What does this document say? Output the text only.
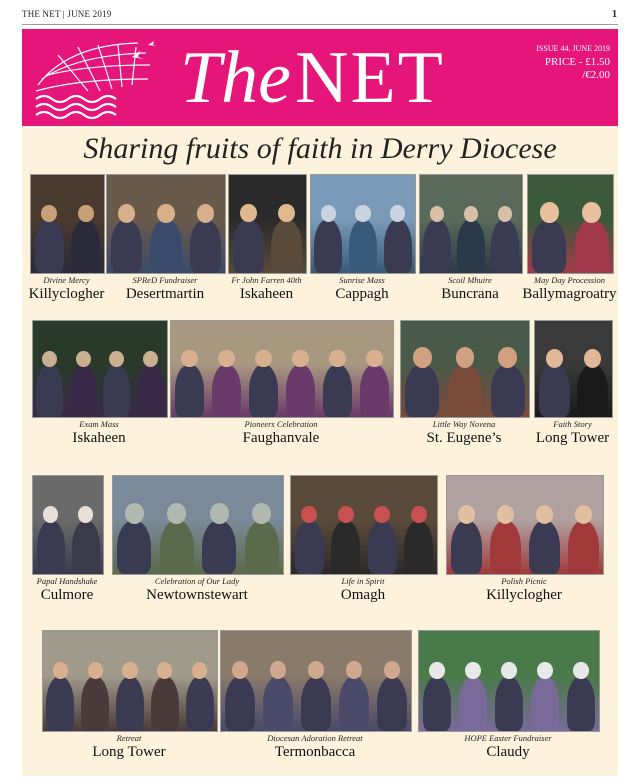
THE NET | JUNE 2019	1
The NET	ISSUE 44. JUNE 2019
PRICE - £1.50
/€2.00
Sharing fruits of faith in Derry Diocese
Divine Mercy
Killyclogher
SPReD Fundraiser
Desertmartin
Fr John Farren 40th
Iskaheen
Sunrise Mass
Cappagh
Scoil Mhuire
Buncrana
May Day Procession
Ballymagroatry
Exam Mass
Iskaheen
Pioneers Celebration
Faughanvale
Little Way Novena
St. Eugene’s
Faith Story
Long Tower
Papal Handshake
Culmore
Celebration of Our Lady
Newtownstewart
Life in Spirit
Omagh
Polish Picnic
Killyclogher
Retreat
Long Tower
Diocesan Adoration Retreat
Termonbacca
HOPE Easter Fundraiser
Claudy
